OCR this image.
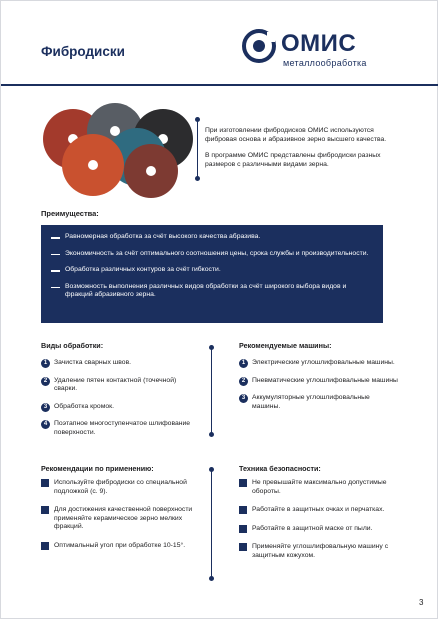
Фибродиски	ОМИС
металлообработка

При изготовлении фибродисков ОМИС используются фибровая основа и абразивное зерно высшего качества.

В программе ОМИС представлены фибродиски разных размеров с различными видами зерна.

Преимущества:
Равномерная обработка за счёт высокого качества абразива.
Экономичность за счёт оптимального соотношения цены, срока службы и производительности.
Обработка различных контуров за счёт гибкости.
Возможность выполнения различных видов обработки за счёт широкого выбора видов и фракций абразивного зерна.
Виды обработки:
1	Зачистка сварных швов.
2	Удаление пятен контактной (точечной) сварки.
3	Обработка кромок.
4	Поэтапное многоступенчатое шлифование поверхности.
Рекомендуемые машины:
1	Электрические углошлифовальные машины.
2	Пневматические углошлифовальные машины
3	Аккумуляторные углошлифовальные машины.
Рекомендации по применению:
Используйте фибродиски со специальной подложкой (с. 9).
Для достижения качественной поверхности применяйте керамическое зерно мелких фракций.
Оптимальный угол при обработке 10-15°.
Техника безопасности:
Не превышайте максимально допустимые обороты.
Работайте в защитных очках и перчатках.
Работайте в защитной маске от пыли.
Применяйте углошлифовальную машину с защитным кожухом.
3
